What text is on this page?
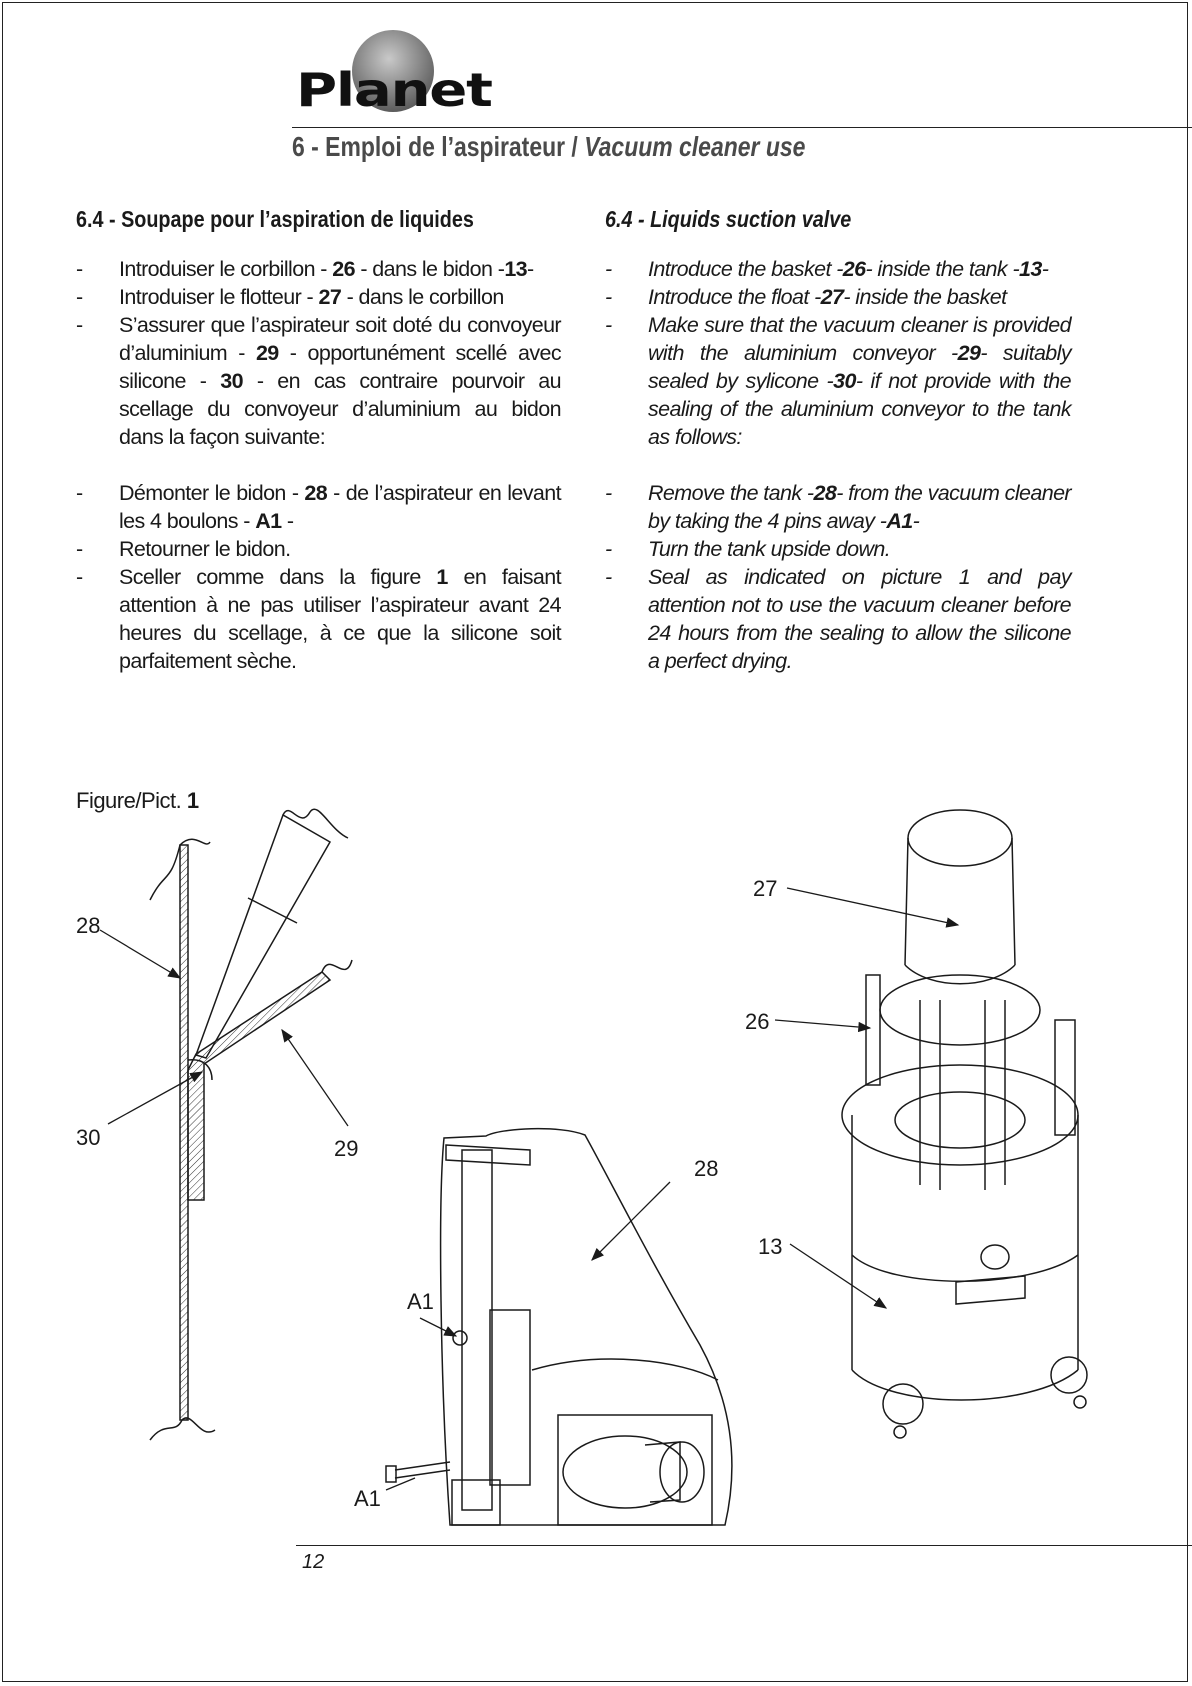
Planet
6 - Emploi de l’aspirateur / Vacuum cleaner use
6.4 - Soupape pour l’aspiration de liquides
- Introduiser le corbillon - 26 - dans le bidon -13-
- Introduiser le flotteur - 27 - dans le corbillon
- S’assurer que l’aspirateur soit doté du convoyeur d’aluminium - 29 - opportunément scellé avec silicone - 30 - en cas contraire pourvoir au scellage du convoyeur d’aluminium au bidon dans la façon suivante:
- Démonter le bidon - 28 - de l’aspirateur en levant les 4 boulons - A1 -
- Retourner le bidon.
- Sceller comme dans la figure 1 en faisant attention à ne pas utiliser l’aspirateur avant 24 heures du scellage, à ce que la silicone soit parfaitement sèche.
6.4 - Liquids suction valve
- Introduce the basket -26- inside the tank -13-
- Introduce the float -27- inside the basket
- Make sure that the vacuum cleaner is provided with the aluminium conveyor -29- suitably sealed by sylicone -30- if not provide with the sealing of the aluminium conveyor to the tank as follows:
- Remove the tank -28- from the vacuum cleaner by taking the 4 pins away -A1-
- Turn the tank upside down.
- Seal as indicated on picture 1 and pay attention not to use the vacuum cleaner before 24 hours from the sealing to allow the silicone a perfect drying.
Figure/Pict. 1
28
30	29
28
A1
A1
27
26
13
12
